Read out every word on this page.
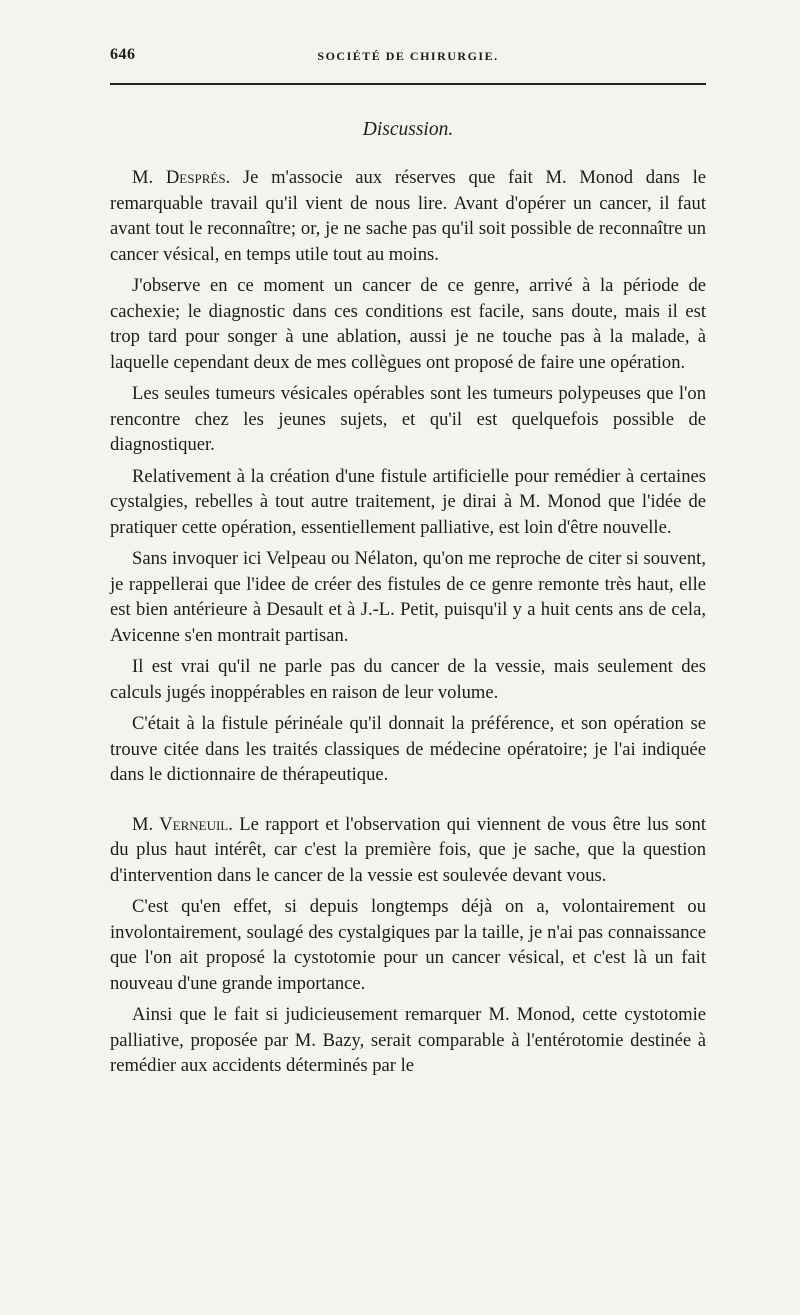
646	SOCIÉTÉ DE CHIRURGIE.
Discussion.

M. Després. Je m'associe aux réserves que fait M. Monod dans le remarquable travail qu'il vient de nous lire. Avant d'opérer un cancer, il faut avant tout le reconnaître; or, je ne sache pas qu'il soit possible de reconnaître un cancer vésical, en temps utile tout au moins.

J'observe en ce moment un cancer de ce genre, arrivé à la période de cachexie; le diagnostic dans ces conditions est facile, sans doute, mais il est trop tard pour songer à une ablation, aussi je ne touche pas à la malade, à laquelle cependant deux de mes collègues ont proposé de faire une opération.

Les seules tumeurs vésicales opérables sont les tumeurs polypeuses que l'on rencontre chez les jeunes sujets, et qu'il est quelquefois possible de diagnostiquer.

Relativement à la création d'une fistule artificielle pour remédier à certaines cystalgies, rebelles à tout autre traitement, je dirai à M. Monod que l'idée de pratiquer cette opération, essentiellement palliative, est loin d'être nouvelle.

Sans invoquer ici Velpeau ou Nélaton, qu'on me reproche de citer si souvent, je rappellerai que l'idee de créer des fistules de ce genre remonte très haut, elle est bien antérieure à Desault et à J.-L. Petit, puisqu'il y a huit cents ans de cela, Avicenne s'en montrait partisan.

Il est vrai qu'il ne parle pas du cancer de la vessie, mais seulement des calculs jugés inoppérables en raison de leur volume.

C'était à la fistule périnéale qu'il donnait la préférence, et son opération se trouve citée dans les traités classiques de médecine opératoire; je l'ai indiquée dans le dictionnaire de thérapeutique.

M. Verneuil. Le rapport et l'observation qui viennent de vous être lus sont du plus haut intérêt, car c'est la première fois, que je sache, que la question d'intervention dans le cancer de la vessie est soulevée devant vous.

C'est qu'en effet, si depuis longtemps déjà on a, volontairement ou involontairement, soulagé des cystalgiques par la taille, je n'ai pas connaissance que l'on ait proposé la cystotomie pour un cancer vésical, et c'est là un fait nouveau d'une grande importance.

Ainsi que le fait si judicieusement remarquer M. Monod, cette cystotomie palliative, proposée par M. Bazy, serait comparable à l'entérotomie destinée à remédier aux accidents déterminés par le
